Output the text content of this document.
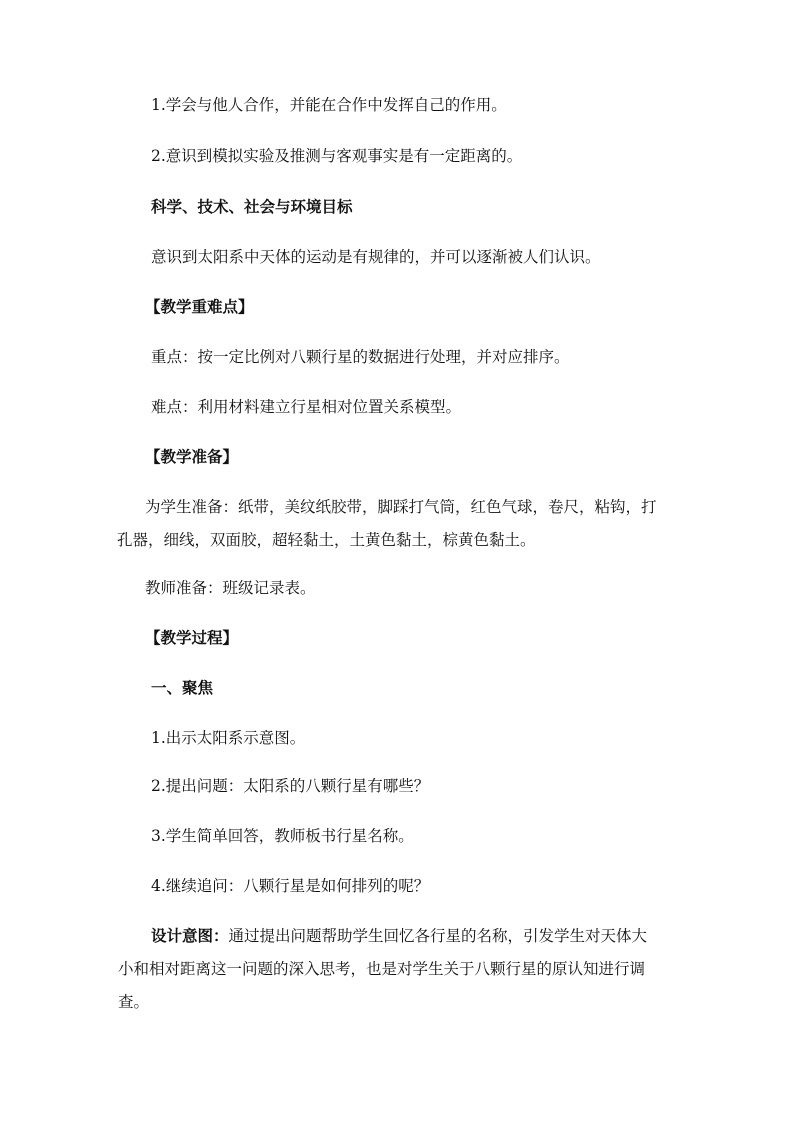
1.学会与他人合作，并能在合作中发挥自己的作用。

2.意识到模拟实验及推测与客观事实是有一定距离的。

科学、技术、社会与环境目标

意识到太阳系中天体的运动是有规律的，并可以逐渐被人们认识。

【教学重难点】

重点：按一定比例对八颗行星的数据进行处理，并对应排序。

难点：利用材料建立行星相对位置关系模型。

【教学准备】

为学生准备：纸带，美纹纸胶带，脚踩打气筒，红色气球，卷尺，粘钩，打

孔器，细线，双面胶，超轻黏土，土黄色黏土，棕黄色黏土。

教师准备：班级记录表。

【教学过程】

一、聚焦

1.出示太阳系示意图。

2.提出问题：太阳系的八颗行星有哪些？

3.学生简单回答，教师板书行星名称。

4.继续追问：八颗行星是如何排列的呢？

设计意图：通过提出问题帮助学生回忆各行星的名称，引发学生对天体大

小和相对距离这一问题的深入思考，也是对学生关于八颗行星的原认知进行调

查。
